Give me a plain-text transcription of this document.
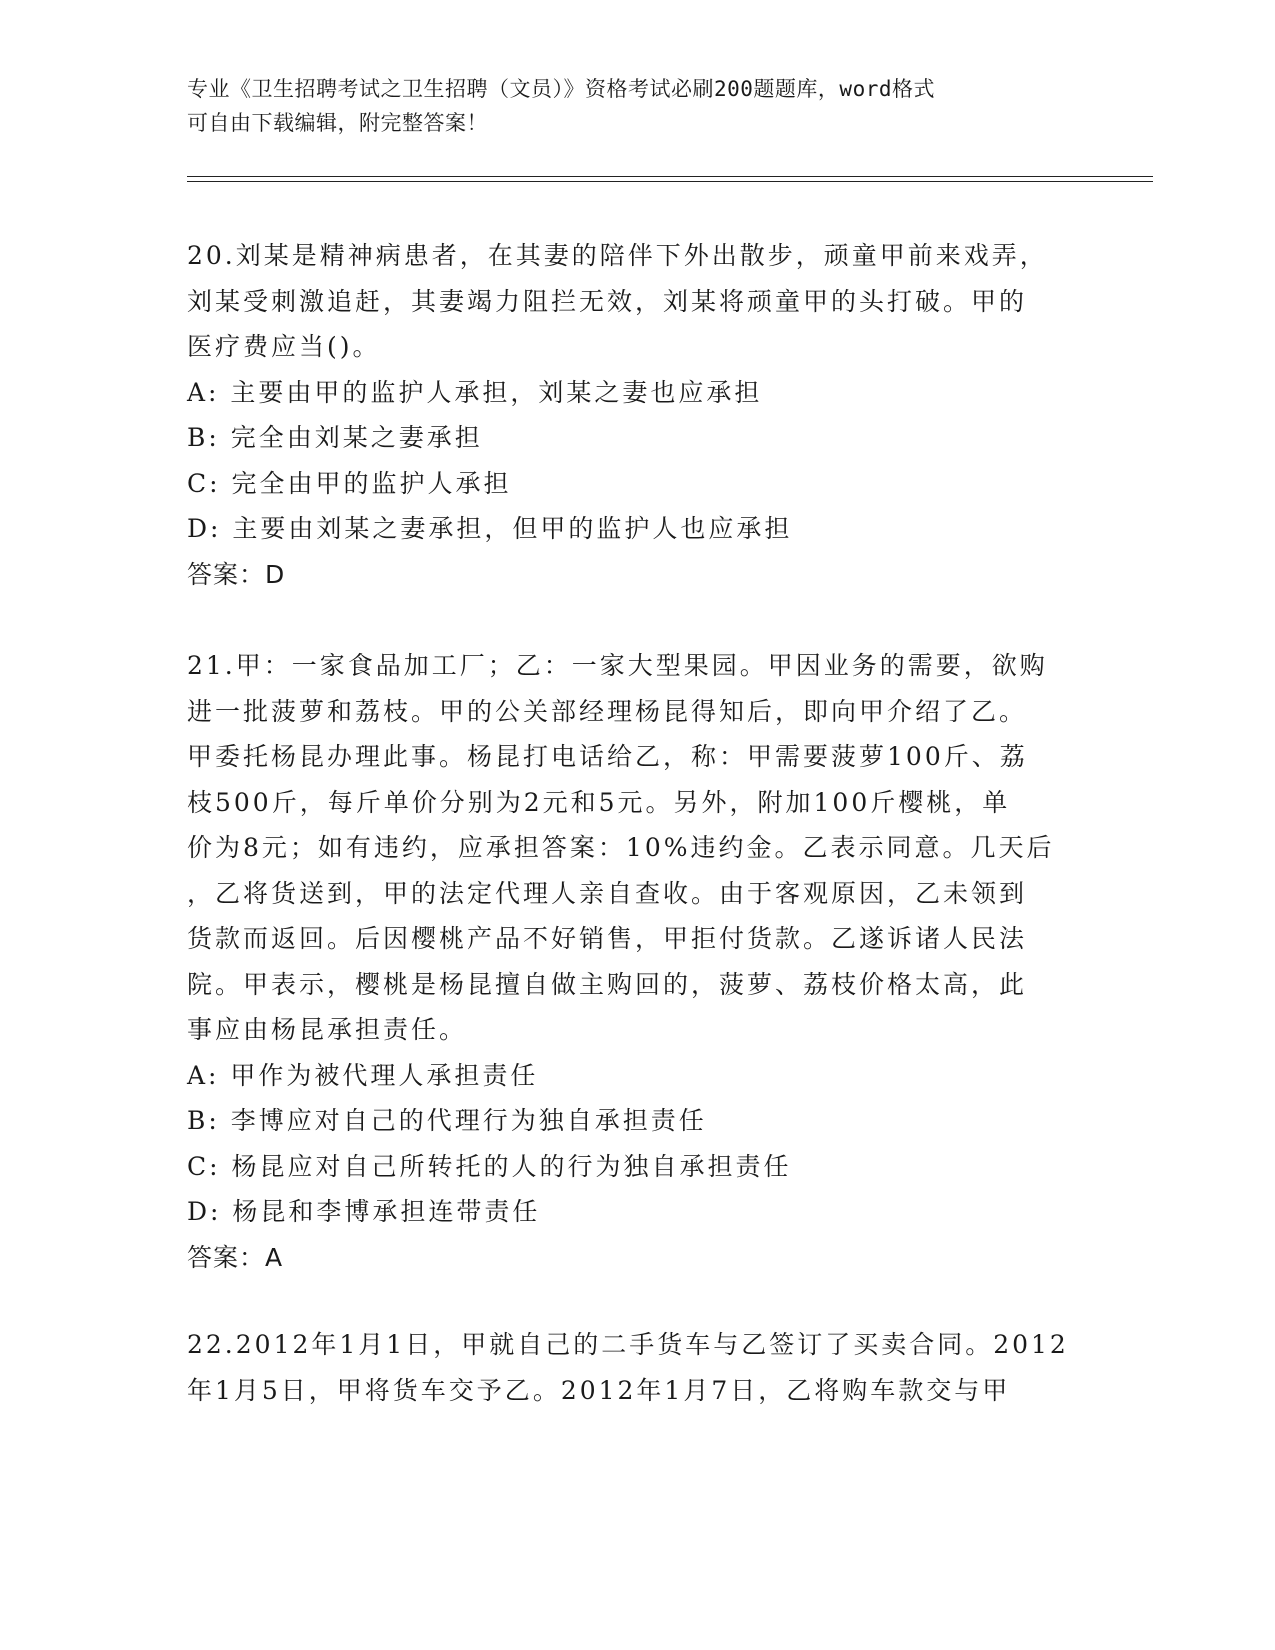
专业《卫生招聘考试之卫生招聘（文员）》资格考试必刷200题题库，word格式
可自由下载编辑，附完整答案！
20.刘某是精神病患者，在其妻的陪伴下外出散步，顽童甲前来戏弄，
刘某受刺激追赶，其妻竭力阻拦无效，刘某将顽童甲的头打破。甲的
医疗费应当()。
A: 主要由甲的监护人承担，刘某之妻也应承担
B: 完全由刘某之妻承担
C: 完全由甲的监护人承担
D: 主要由刘某之妻承担，但甲的监护人也应承担
答案：D
21.甲：一家食品加工厂；乙：一家大型果园。甲因业务的需要，欲购
进一批菠萝和荔枝。甲的公关部经理杨昆得知后，即向甲介绍了乙。
甲委托杨昆办理此事。杨昆打电话给乙，称：甲需要菠萝100斤、荔
枝500斤，每斤单价分别为2元和5元。另外，附加100斤樱桃，单
价为8元；如有违约，应承担答案：10%违约金。乙表示同意。几天后
，乙将货送到，甲的法定代理人亲自查收。由于客观原因，乙未领到
货款而返回。后因樱桃产品不好销售，甲拒付货款。乙遂诉诸人民法
院。甲表示，樱桃是杨昆擅自做主购回的，菠萝、荔枝价格太高，此
事应由杨昆承担责任。
A: 甲作为被代理人承担责任
B: 李博应对自己的代理行为独自承担责任
C: 杨昆应对自己所转托的人的行为独自承担责任
D: 杨昆和李博承担连带责任
答案：A
22.2012年1月1日，甲就自己的二手货车与乙签订了买卖合同。2012
年1月5日，甲将货车交予乙。2012年1月7日，乙将购车款交与甲
